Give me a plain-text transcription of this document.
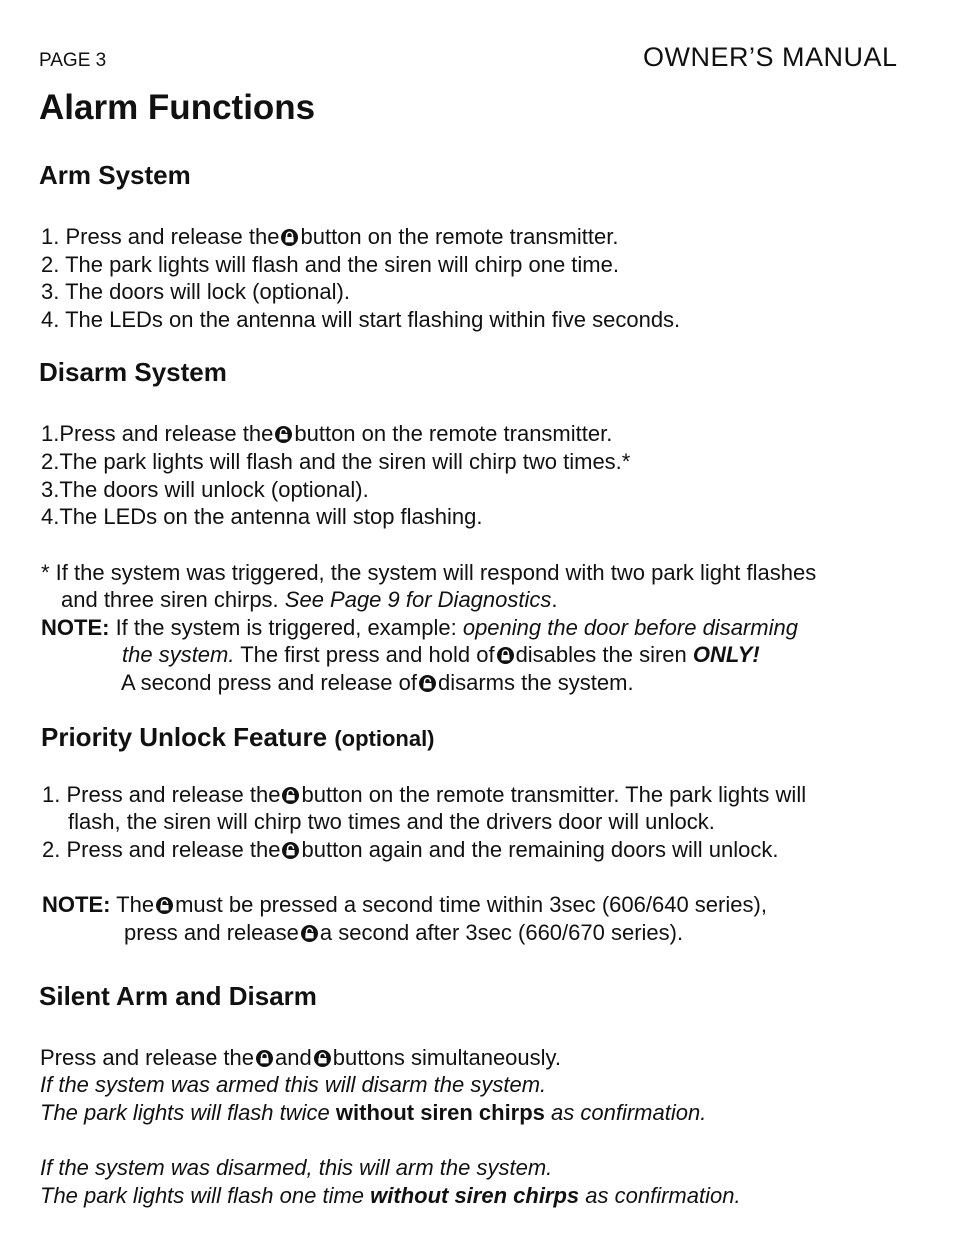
PAGE 3	OWNER’S MANUAL
Alarm Functions
Arm System
1. Press and release the button on the remote transmitter.
2. The park lights will flash and the siren will chirp one time.
3. The doors will lock (optional).
4. The LEDs on the antenna will start flashing within five seconds.
Disarm System
1.Press and release the button on the remote transmitter.
2.The park lights will flash and the siren will chirp two times.*
3.The doors will unlock (optional).
4.The LEDs on the antenna will stop flashing.
* If the system was triggered, the system will respond with two park light flashes
and three siren chirps. See Page 9 for Diagnostics.
NOTE: If the system is triggered, example: opening the door before disarming
the system. The first press and hold of disables the siren ONLY!
A second press and release of disarms the system.
Priority Unlock Feature (optional)
1. Press and release the button on the remote transmitter. The park lights will
flash, the siren will chirp two times and the drivers door will unlock.
2. Press and release the button again and the remaining doors will unlock.
NOTE: The must be pressed a second time within 3sec (606/640 series),
press and release a second after 3sec (660/670 series).
Silent Arm and Disarm
Press and release the and buttons simultaneously.
If the system was armed this will disarm the system.
The park lights will flash twice without siren chirps as confirmation.
If the system was disarmed, this will arm the system.
The park lights will flash one time without siren chirps as confirmation.
